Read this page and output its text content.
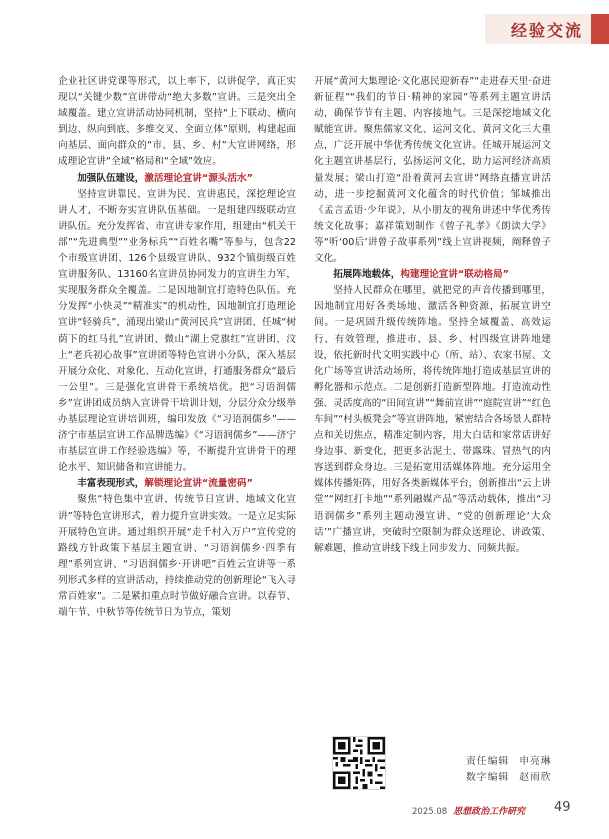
经验交流

企业社区讲党课等形式，以上率下，以讲促学，真正实现以“关键少数”宣讲带动“绝大多数”宣讲。三是突出全域覆盖。建立宣讲活动协同机制，坚持“上下联动、横向到边、纵向到底、多维交叉、全面立体”原则，构建起面向基层、面向群众的“市、县、乡、村”大宣讲网络，形成理论宣讲“全域”格局和“全域”效应。

加强队伍建设，激活理论宣讲“源头活水”

坚持宣讲靠民、宣讲为民、宣讲惠民，深挖理论宣讲人才，不断夯实宣讲队伍基础。一是组建四级联动宣讲队伍。充分发挥省、市宣讲专家作用，组建由“机关干部”“先进典型”“业务标兵”“百姓名嘴”等参与，包含22个市级宣讲团、126个县级宣讲队、932个镇街级百姓宣讲服务队、13160名宣讲员协同发力的宣讲生力军，实现服务群众全覆盖。二是因地制宜打造特色队伍。充分发挥“小快灵”“精准实”的机动性，因地制宜打造理论宣讲“轻骑兵”，涌现出梁山“黄河民兵”宣讲团、任城“树荫下的红马扎”宣讲团、微山“湖上党旗红”宣讲团、汶上“老兵初心故事”宣讲团等特色宣讲小分队，深入基层开展分众化、对象化、互动化宣讲，打通服务群众“最后一公里”。三是强化宣讲骨干系统培优。把“习语润儒乡”宣讲团成员纳入宣讲骨干培训计划，分层分众分级举办基层理论宣讲培训班，编印发放《“习语润儒乡”——济宁市基层宣讲工作品牌选编》《“习语润儒乡”——济宁市基层宣讲工作经验选编》等，不断提升宣讲骨干的理论水平、知识储备和宣讲能力。

丰富表现形式，解锁理论宣讲“流量密码”

聚焦“特色集中宣讲、传统节日宣讲、地域文化宣讲”等特色宣讲形式，着力提升宣讲实效。一是立足实际开展特色宣讲。通过组织开展“走千村入万户”宣传党的路线方针政策下基层主题宣讲、“习语润儒乡·四季有理”系列宣讲、“习语润儒乡·开讲吧”百姓云宣讲等一系列形式多样的宣讲活动，持续推动党的创新理论“飞入寻常百姓家”。二是紧扣重点时节做好融合宣讲。以春节、端午节、中秋节等传统节日为节点，策划

开展“黄河大集理论·文化惠民迎新春”“走进春天里·奋进新征程”“我们的节日·精神的家园”等系列主题宣讲活动，确保节节有主题、内容接地气。三是深挖地域文化赋能宣讲。聚焦儒家文化、运河文化、黄河文化三大重点，广泛开展中华优秀传统文化宣讲。任城开展运河文化主题宣讲基层行，弘扬运河文化，助力运河经济高质量发展；梁山打造“沿着黄河去宣讲”网络直播宣讲活动，进一步挖掘黄河文化蕴含的时代价值；邹城推出《孟言孟语·少年说》，从小朋友的视角讲述中华优秀传统文化故事；嘉祥策划制作《曾子礼孝》《朗读大学》等“听‘00后’讲曾子故事系列”线上宣讲视频，阐释曾子文化。

拓展阵地载体，构建理论宣讲“联动格局”

坚持人民群众在哪里，就把党的声音传播到哪里，因地制宜用好各类场地、激活各种资源，拓展宣讲空间。一是巩固升级传统阵地。坚持全域覆盖、高效运行、有效管理，推进市、县、乡、村四级宣讲阵地建设，依托新时代文明实践中心（所、站）、农家书屋、文化广场等宣讲活动场所，将传统阵地打造成基层宣讲的孵化器和示范点。二是创新打造新型阵地。打造流动性强、灵活度高的“田间宣讲”“舞前宣讲”“庭院宣讲”“红色车间”“村头板凳会”等宣讲阵地，紧密结合各场景人群特点和关切焦点，精准定制内容，用大白话和家常话讲好身边事、新变化，把更多沾泥土、带露珠、冒热气的内容送到群众身边。三是拓宽用活媒体阵地。充分运用全媒体传播矩阵，用好各类新媒体平台，创新推出“云上讲堂”“网红打卡地”“系列融媒产品”等活动载体，推出“习语润儒乡”系列主题动漫宣讲、“党的创新理论‘大众话’”广播宣讲，突破时空限制为群众送理论、讲政策、解难题，推动宣讲线下线上同步发力、同频共振。

责任编辑 申亮琳
数字编辑 赵雨欣
2025.08 思想政治工作研究 49
